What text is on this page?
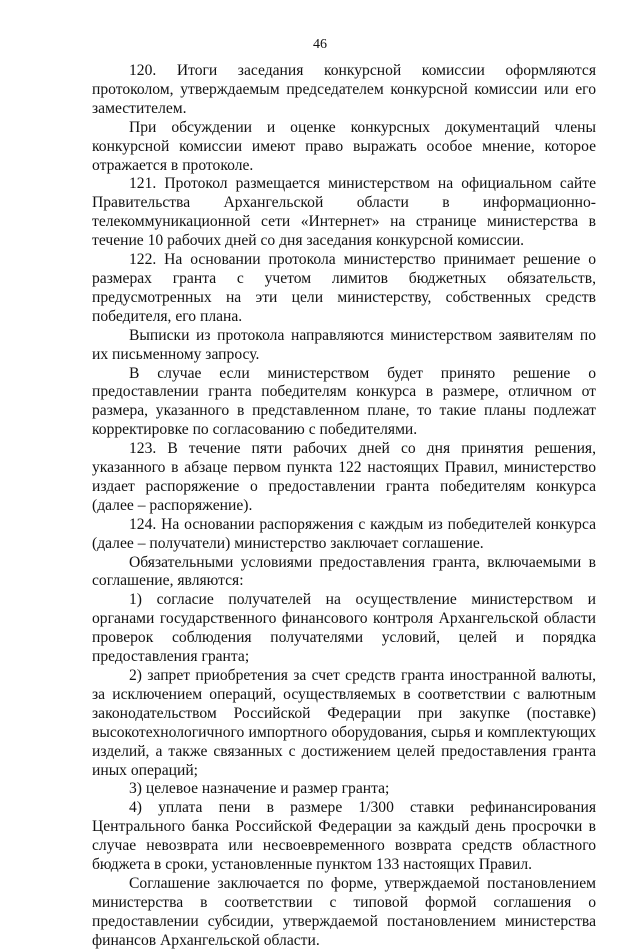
46

120. Итоги заседания конкурсной комиссии оформляются протоколом, утверждаемым председателем конкурсной комиссии или его заместителем.

При обсуждении и оценке конкурсных документаций члены конкурсной комиссии имеют право выражать особое мнение, которое отражается в протоколе.

121. Протокол размещается министерством на официальном сайте Правительства Архангельской области в информационно-телекоммуникационной сети «Интернет» на странице министерства в течение 10 рабочих дней со дня заседания конкурсной комиссии.

122. На основании протокола министерство принимает решение о размерах гранта с учетом лимитов бюджетных обязательств, предусмотренных на эти цели министерству, собственных средств победителя, его плана.

Выписки из протокола направляются министерством заявителям по их письменному запросу.

В случае если министерством будет принято решение о предоставлении гранта победителям конкурса в размере, отличном от размера, указанного в представленном плане, то такие планы подлежат корректировке по согласованию с победителями.

123. В течение пяти рабочих дней со дня принятия решения, указанного в абзаце первом пункта 122 настоящих Правил, министерство издает распоряжение о предоставлении гранта победителям конкурса (далее – распоряжение).

124. На основании распоряжения с каждым из победителей конкурса (далее – получатели) министерство заключает соглашение.

Обязательными условиями предоставления гранта, включаемыми в соглашение, являются:

1) согласие получателей на осуществление министерством и органами государственного финансового контроля Архангельской области проверок соблюдения получателями условий, целей и порядка предоставления гранта;

2) запрет приобретения за счет средств гранта иностранной валюты, за исключением операций, осуществляемых в соответствии с валютным законодательством Российской Федерации при закупке (поставке) высокотехнологичного импортного оборудования, сырья и комплектующих изделий, а также связанных с достижением целей предоставления гранта иных операций;

3) целевое назначение и размер гранта;

4) уплата пени в размере 1/300 ставки рефинансирования Центрального банка Российской Федерации за каждый день просрочки в случае невозврата или несвоевременного возврата средств областного бюджета в сроки, установленные пунктом 133 настоящих Правил.

Соглашение заключается по форме, утверждаемой постановлением министерства в соответствии с типовой формой соглашения о предоставлении субсидии, утверждаемой постановлением министерства финансов Архангельской области.
